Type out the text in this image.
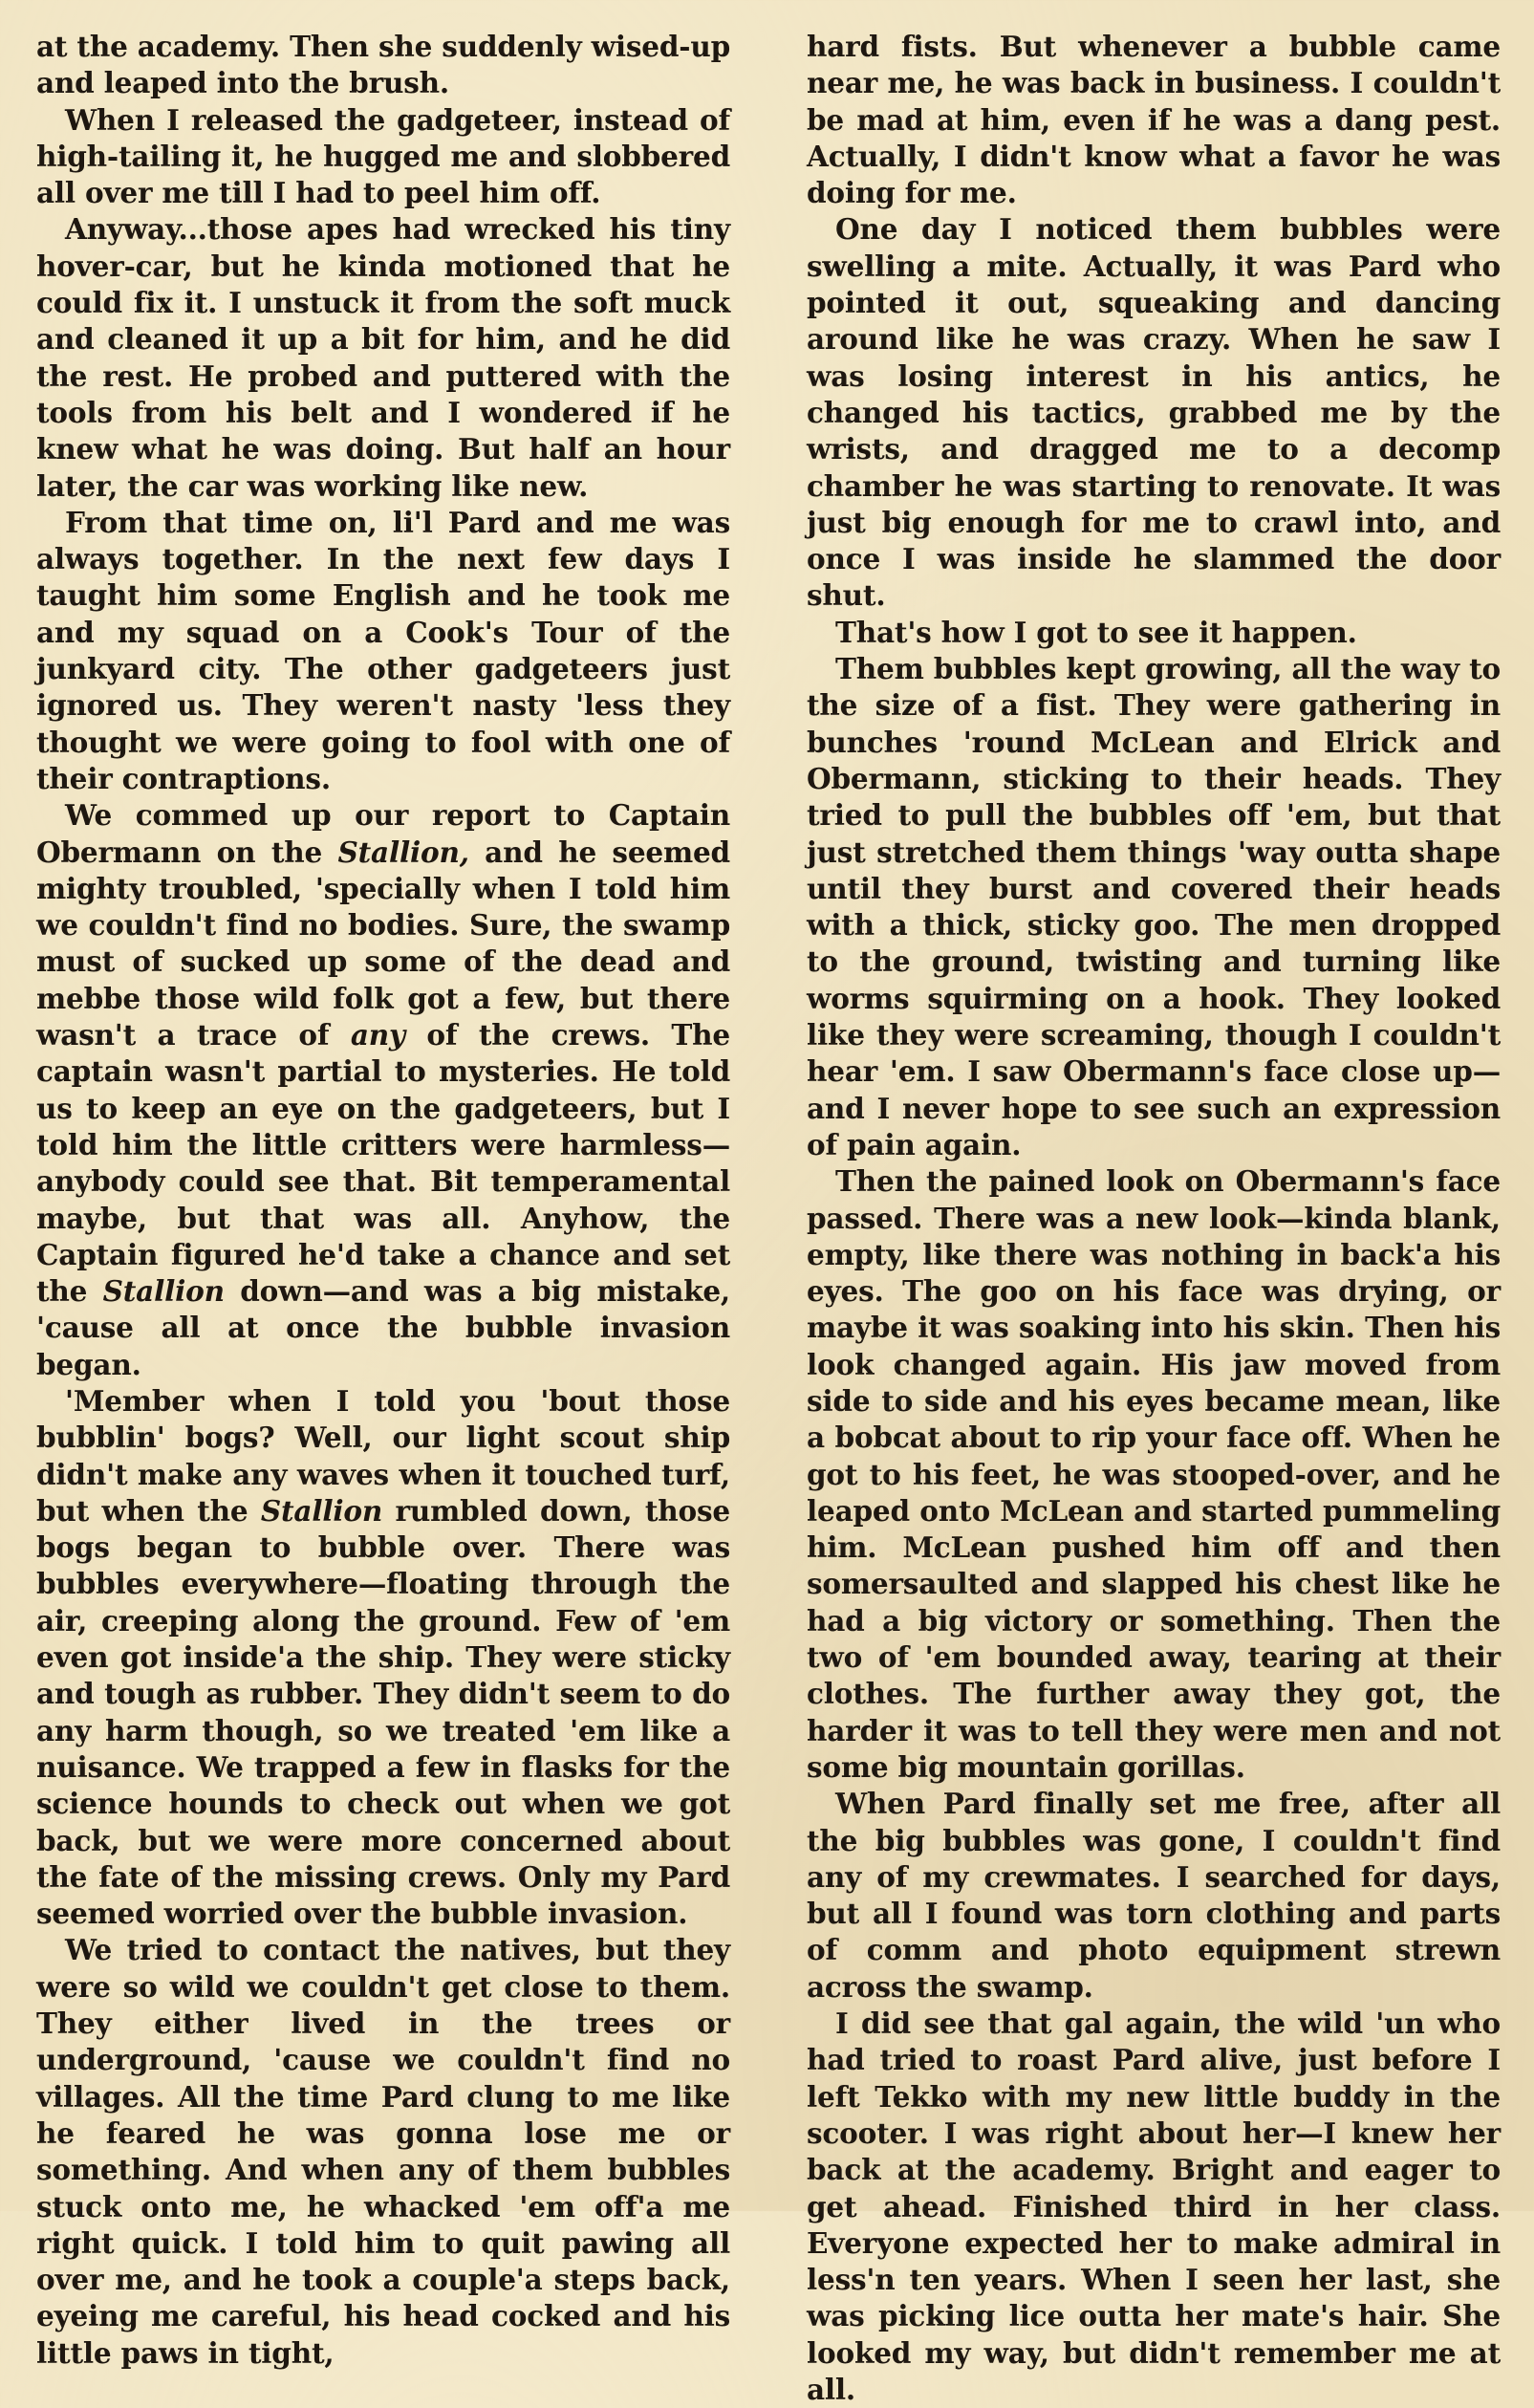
at the academy. Then she suddenly wised-up and leaped into the brush.

When I released the gadgeteer, instead of high-tailing it, he hugged me and slobbered all over me till I had to peel him off.

Anyway...those apes had wrecked his tiny hover-car, but he kinda motioned that he could fix it. I unstuck it from the soft muck and cleaned it up a bit for him, and he did the rest. He probed and puttered with the tools from his belt and I wondered if he knew what he was doing. But half an hour later, the car was working like new.

From that time on, li'l Pard and me was always together. In the next few days I taught him some English and he took me and my squad on a Cook's Tour of the junkyard city. The other gadgeteers just ignored us. They weren't nasty 'less they thought we were going to fool with one of their contraptions.

We commed up our report to Captain Obermann on the Stallion, and he seemed mighty troubled, 'specially when I told him we couldn't find no bodies. Sure, the swamp must of sucked up some of the dead and mebbe those wild folk got a few, but there wasn't a trace of any of the crews. The captain wasn't partial to mysteries. He told us to keep an eye on the gadgeteers, but I told him the little critters were harmless—anybody could see that. Bit temperamental maybe, but that was all. Anyhow, the Captain figured he'd take a chance and set the Stallion down—and was a big mistake, 'cause all at once the bubble invasion began.

'Member when I told you 'bout those bubblin' bogs? Well, our light scout ship didn't make any waves when it touched turf, but when the Stallion rumbled down, those bogs began to bubble over. There was bubbles everywhere—floating through the air, creeping along the ground. Few of 'em even got inside'a the ship. They were sticky and tough as rubber. They didn't seem to do any harm though, so we treated 'em like a nuisance. We trapped a few in flasks for the science hounds to check out when we got back, but we were more concerned about the fate of the missing crews. Only my Pard seemed worried over the bubble invasion.

We tried to contact the natives, but they were so wild we couldn't get close to them. They either lived in the trees or underground, 'cause we couldn't find no villages. All the time Pard clung to me like he feared he was gonna lose me or something. And when any of them bubbles stuck onto me, he whacked 'em off'a me right quick. I told him to quit pawing all over me, and he took a couple'a steps back, eyeing me careful, his head cocked and his little paws in tight,

hard fists. But whenever a bubble came near me, he was back in business. I couldn't be mad at him, even if he was a dang pest. Actually, I didn't know what a favor he was doing for me.

One day I noticed them bubbles were swelling a mite. Actually, it was Pard who pointed it out, squeaking and dancing around like he was crazy. When he saw I was losing interest in his antics, he changed his tactics, grabbed me by the wrists, and dragged me to a decomp chamber he was starting to renovate. It was just big enough for me to crawl into, and once I was inside he slammed the door shut.

That's how I got to see it happen.

Them bubbles kept growing, all the way to the size of a fist. They were gathering in bunches 'round McLean and Elrick and Obermann, sticking to their heads. They tried to pull the bubbles off 'em, but that just stretched them things 'way outta shape until they burst and covered their heads with a thick, sticky goo. The men dropped to the ground, twisting and turning like worms squirming on a hook. They looked like they were screaming, though I couldn't hear 'em. I saw Obermann's face close up—and I never hope to see such an expression of pain again.

Then the pained look on Obermann's face passed. There was a new look—kinda blank, empty, like there was nothing in back'a his eyes. The goo on his face was drying, or maybe it was soaking into his skin. Then his look changed again. His jaw moved from side to side and his eyes became mean, like a bobcat about to rip your face off. When he got to his feet, he was stooped-over, and he leaped onto McLean and started pummeling him. McLean pushed him off and then somersaulted and slapped his chest like he had a big victory or something. Then the two of 'em bounded away, tearing at their clothes. The further away they got, the harder it was to tell they were men and not some big mountain gorillas.

When Pard finally set me free, after all the big bubbles was gone, I couldn't find any of my crewmates. I searched for days, but all I found was torn clothing and parts of comm and photo equipment strewn across the swamp.

I did see that gal again, the wild 'un who had tried to roast Pard alive, just before I left Tekko with my new little buddy in the scooter. I was right about her—I knew her back at the academy. Bright and eager to get ahead. Finished third in her class. Everyone expected her to make admiral in less'n ten years. When I seen her last, she was picking lice outta her mate's hair. She looked my way, but didn't remember me at all.
